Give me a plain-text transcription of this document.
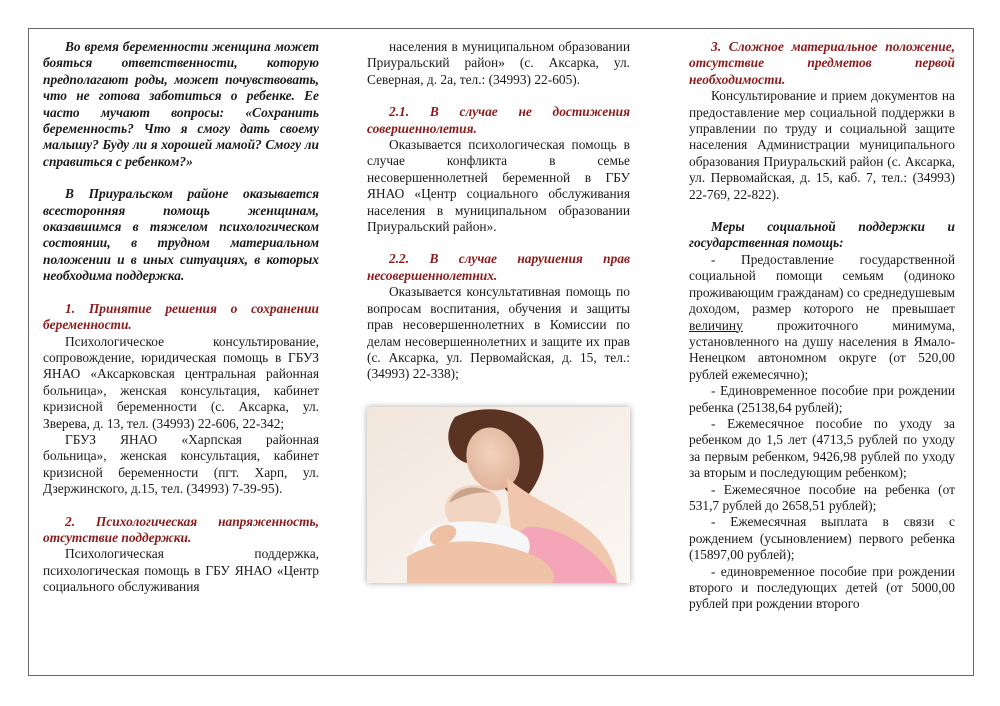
Во время беременности женщина может бояться ответственности, которую предполагают роды, может почувствовать, что не готова заботиться о ребенке. Ее часто мучают вопросы: «Сохранить беременность? Что я смогу дать своему малышу? Буду ли я хорошей мамой? Смогу ли справиться с ребенком?»

В Приуральском районе оказывается всесторонняя помощь женщинам, оказавшимся в тяжелом психологическом состоянии, в трудном материальном положении и в иных ситуациях, в которых необходима поддержка.

1. Принятие решения о сохранении беременности.

Психологическое консультирование, сопровождение, юридическая помощь в ГБУЗ ЯНАО «Аксарковская центральная районная больница», женская консультация, кабинет кризисной беременности (с. Аксарка, ул. Зверева, д. 13, тел. (34993) 22-606, 22-342;

ГБУЗ ЯНАО «Харпская районная больница», женская консультация, кабинет кризисной беременности (пгт. Харп, ул. Дзержинского, д.15, тел. (34993) 7-39-95).

2. Психологическая напряженность, отсутствие поддержки.

Психологическая поддержка, психологическая помощь в ГБУ ЯНАО «Центр социального обслуживания

населения в муниципальном образовании Приуральский район» (с. Аксарка, ул. Северная, д. 2а, тел.: (34993) 22-605).

2.1. В случае не достижения совершеннолетия.

Оказывается психологическая помощь в случае конфликта в семье несовершеннолетней беременной в ГБУ ЯНАО «Центр социального обслуживания населения в муниципальном образовании Приуральский район».

2.2. В случае нарушения прав несовершеннолетних.

Оказывается консультативная помощь по вопросам воспитания, обучения и защиты прав несовершеннолетних в Комиссии по делам несовершеннолетних и защите их прав (с. Аксарка, ул. Первомайская, д. 15, тел.: (34993) 22-338);

3. Сложное материальное положение, отсутствие предметов первой необходимости.

Консультирование и прием документов на предоставление мер социальной поддержки в управлении по труду и социальной защите населения Администрации муниципального образования Приуральский район (с. Аксарка, ул. Первомайская, д. 15, каб. 7, тел.: (34993) 22-769, 22-822).

Меры социальной поддержки и государственная помощь:

- Предоставление государственной социальной помощи семьям (одиноко проживающим гражданам) со среднедушевым доходом, размер которого не превышает величину прожиточного минимума, установленного на душу населения в Ямало-Ненецком автономном округе (от 520,00 рублей ежемесячно);

- Единовременное пособие при рождении ребенка (25138,64 рублей);

- Ежемесячное пособие по уходу за ребенком до 1,5 лет (4713,5 рублей по уходу за первым ребенком, 9426,98 рублей по уходу за вторым и последующим ребенком);

- Ежемесячное пособие на ребенка (от 531,7 рублей до 2658,51 рублей);

- Ежемесячная выплата в связи с рождением (усыновлением) первого ребенка (15897,00 рублей);

- единовременное пособие при рождении второго и последующих детей (от 5000,00 рублей при рождении второго
